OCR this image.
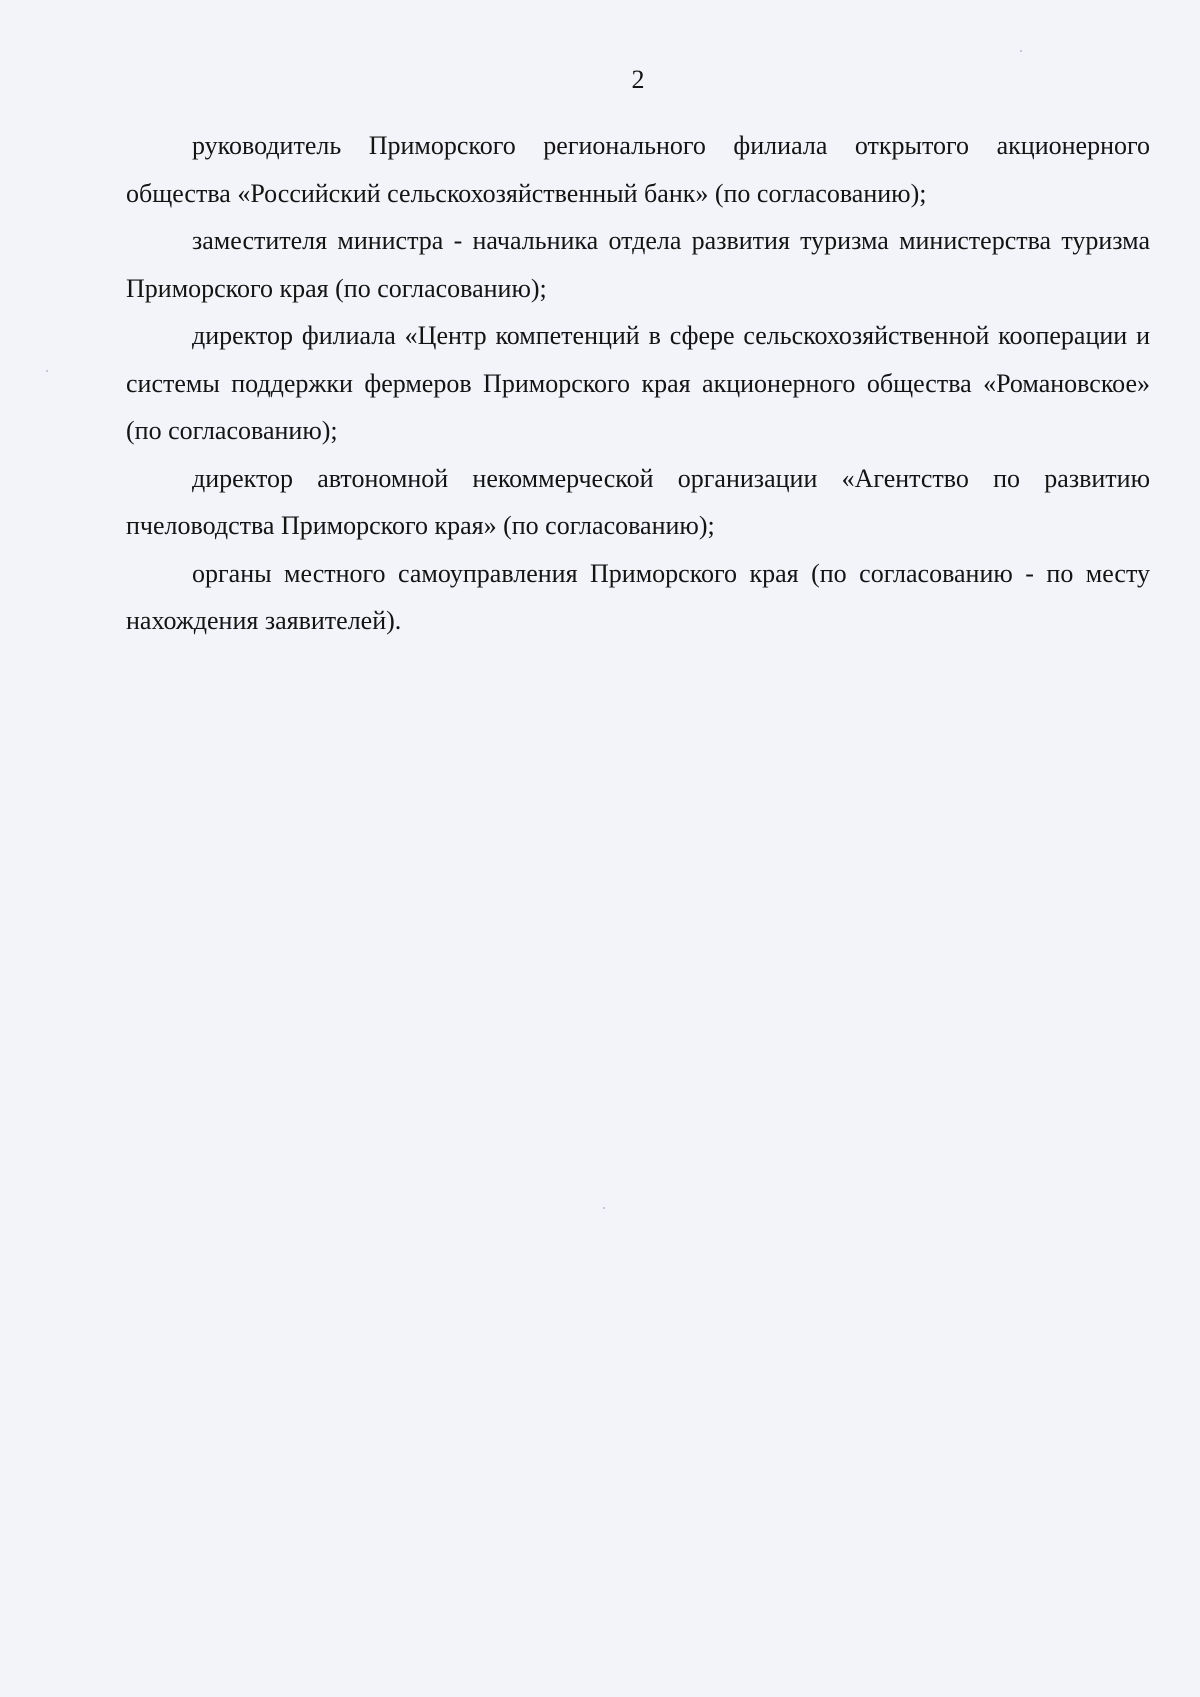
2

руководитель Приморского регионального филиала открытого акционерного общества «Российский сельскохозяйственный банк» (по согласованию);

заместителя министра - начальника отдела развития туризма министерства туризма Приморского края (по согласованию);

директор филиала «Центр компетенций в сфере сельскохозяйственной кооперации и системы поддержки фермеров Приморского края акционерного общества «Романовское» (по согласованию);

директор автономной некоммерческой организации «Агентство по развитию пчеловодства Приморского края» (по согласованию);

органы местного самоуправления Приморского края (по согласованию - по месту нахождения заявителей).
